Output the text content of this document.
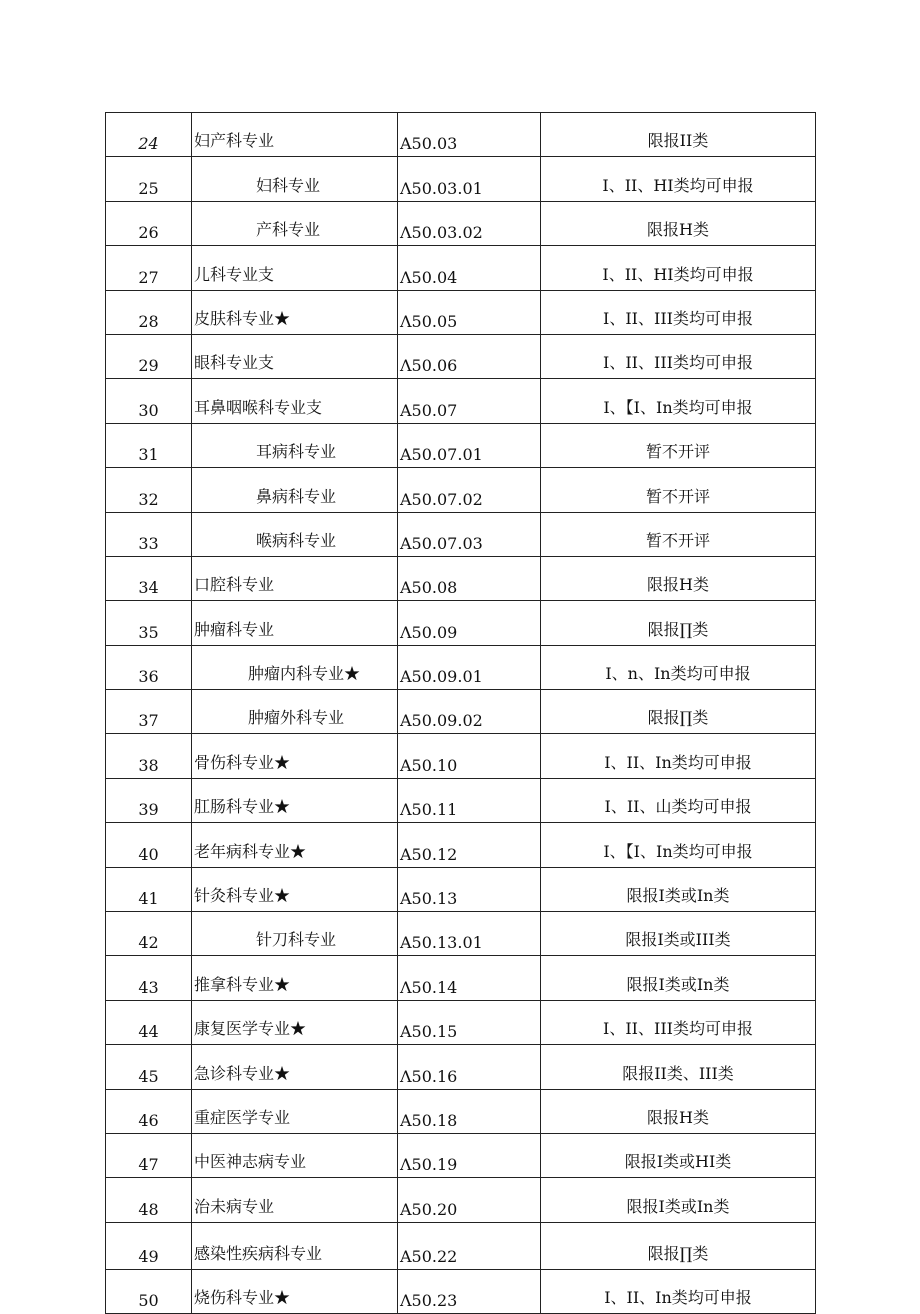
24	妇产科专业	A50.03	限报II类
25	妇科专业	Λ50.03.01	I、II、HI类均可申报
26	产科专业	Λ50.03.02	限报H类
27	儿科专业支	Λ50.04	I、II、HI类均可申报
28	皮肤科专业★	Λ50.05	I、II、III类均可申报
29	眼科专业支	Λ50.06	I、II、III类均可申报
30	耳鼻咽喉科专业支	A50.07	I、【I、In类均可申报
31	耳病科专业	A50.07.01	暂不开评
32	鼻病科专业	A50.07.02	暂不开评
33	喉病科专业	A50.07.03	暂不开评
34	口腔科专业	A50.08	限报H类
35	肿瘤科专业	Λ50.09	限报∏类
36	肿瘤内科专业★	A50.09.01	I、n、In类均可申报
37	肿瘤外科专业	A50.09.02	限报∏类
38	骨伤科专业★	A50.10	I、II、In类均可申报
39	肛肠科专业★	Λ50.11	I、II、山类均可申报
40	老年病科专业★	A50.12	I、【I、In类均可申报
41	针灸科专业★	A50.13	限报I类或In类
42	针刀科专业	A50.13.01	限报I类或III类
43	推拿科专业★	Λ50.14	限报I类或In类
44	康复医学专业★	A50.15	I、II、III类均可申报
45	急诊科专业★	Λ50.16	限报II类、III类
46	重症医学专业	A50.18	限报H类
47	中医神志病专业	Λ50.19	限报I类或HI类
48	治未病专业	A50.20	限报I类或In类
49	感染性疾病科专业	A50.22	限报∏类
50	烧伤科专业★	Λ50.23	I、II、In类均可申报
